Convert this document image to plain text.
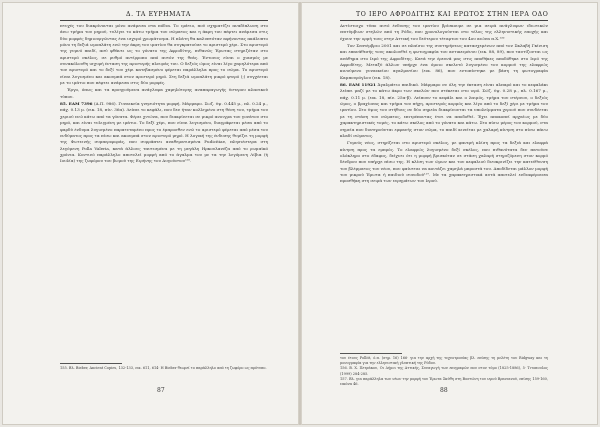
Δ. ΤΑ ΕΥΡΗΜΑΤΑ

πτυχές του διακρίνονται μόνο ανάμεσα στα πόδια. Το ιμάτιο, ποϋ σχηματίζει αναδίπλωση στο άνω τμήμα του μηρού, τυλίγει το κάτω τμήμα του σώματος και η άκρη του πέφτει ανάμεσα στις δύο μορφές δημιουργώντας ένα ισχυρό χρωμάτισμα. Η πλάτη θα καλυπτόταν αφήνοντας ακάλυπτο μόνο τη δεξιά ωμοπλάτη ενώ την άκρη του ιματίου θα συγκρατούσε το αριστερό χέρι. Στο αριστερό της γυμνό παιδί, ασύ φθάνει ως το γόνατο της Αφροδίτης, πιθανώς Έρωτας στηριζόταν στο αριστερό σκέλος, σε ρυθμό αντίρροπο από αυτόν της θεάς. Έντονος είναι ο χιασμός με συνακόλουθη ισχυρή ένταση της αριστερής πλευράς του. Ο δεξιός ώμος είναι λίγο χαμηλότερα από τον αριστερό και το δεξί του χέρι κατεβασμένο φέρεται παράλληλα προς το σώμα. Το αριστερό είναι λυγισμένο και ακουμπά στον αριστερό μηρό. Στη δεξιά ωμοπλάτη μικρό φτερό (;) συγχέεται με το ιμάτιο που πέφτει ανάμεσα στις δύο μορφές.

Έργο, όπως και τα προηγούμενα ανάγλυφα χαμηλότερης αναπαραγωγής ύστερου κλασικού τύπου.

85. ΕΑΜ 7396 (Α.Π. 986). Γυναικεία γνησιότητα μορφή. Μάρμαρο. Σωζ. ύψ. 0.445 μ., πλ. 0.24 μ., πάχ. 0.13 μ. (εικ. 18, πίν. 36α). Λείπει το κεφάλι, που δεν ήταν κολλημένο στη θέση του, τμήμα του χεριού ενώ κάτω από τα γόνατα. Φέρει χιτώνα, που διακρίνεται σε μικρό ανοιγμα του γονάτου στο μηρό, και είναι τυλιγμένη με ιμάτιο. Το δεξί χέρι, που είναι λυγισμένο, διαγράφεται μέσα από το φαρδύ ένδυμα λυγισμένο παρατεταμένο προς το έμπροσθεν ενώ το αριστερό φέρεται από μέσα του ενδύματος προς τα πίσω και ακουμπά στον αριστερό μηρό. Η λογική της ένδυσης θυμίζει τη μορφή της Φωτεινής συμπεριφοράς, που συρράπτει αναθεματισμένα Pudicitiae, πλησιέστερα στη λεγόμενη Polla Valeria, κατά άλλους ταυτισμένα με τη μεγάλη Ηρκουλανέζα από το ρωμαϊκό χρόνια. Κοντινό παράλληλο αποτελεί μορφή από το άγαλμα του με τα την λεγόμενη Λίβια (ή Ιουλία) της ζωφόρου του βωμού της Ειρήνης του Αυγούστου¹⁵⁵.

155. Βλ. Bieber, Ancient Copies, 132-133, εικ. 611, 614· Η Bieber θεωρεί το παράλληλο από τη ζωφόρο ως πρότυπο.

87
ΤΟ ΙΕΡΟ ΑΦΡΟΔΙΤΗΣ ΚΑΙ ΕΡΩΤΟΣ ΣΤΗΝ ΙΕΡΑ ΟΔΟ

Αντίστοιχο τύπο αυτό ένδυσης του ιματίου βρίσκουμε σε μια σειρά ανάγλυφων ιδιωτικών επιτύμβιων στηλών από τη Ρόδο, που χρονολογούνται στο τέλος της ελληνιστικής εποχής και έχουν την ορμή τους στην Αττική του δεύτερου τέταρτου του 4ου αιώνα π.Χ.¹⁵⁶

Τον Σεπτέμβριο 2001 και σε πλαίσιο της συντηρήσεως κατασχεμένων από τον Σκλαβή Γκίνιση και επανάθεσής τους ακολουθεί η φωτογραφία του αντικειμένου (εικ. 88, 89), που ταυτίζονται ως ανάθημα στο Ιερό της Αφροδίτης. Κατά την έρευνά μας στις αποθήκες αποδόθηκε στο Ιερό της Αφροδίτης. Μεταξύ άλλων υπήρχε ένα όμοιο σκελετό λυγισμένο του κορμού της ελαφρώς κινούμενο γυναικείου αγαλματίου (εικ. 86), που εντοπίστηκε με βάση τη φωτογραφία Καμπουρόγλου (εικ. 18).

86. ΕΑΜ 11921 Άγαλμάτιο παιδικό. Μάρμαρο σε όλη την έκταση είναι αλπαρό και το κεφαλάκι λείπει μαζί με το κάτω άκρο των σκελών που στέκεται στο ιερό. Σώζ. ύψ. 0.28 μ., πλ. 0.167 μ., πάχ. 0.11 μ. (εικ. 18, πίν. 25α-β). Λείπουν το κεφάλι και ο λαιμός, τμήμα του στέρνου, ο δεξιός ώμος, ο βραχίονας και τμήμα του πήχη, αριστερός κορμός και λίγο από το δεξί χέρι με τμήμα του ιματίου. Στο ύψος του στήθους σε δύο σημεία διακρίνονται τα υπολείμματα χεριού που συνδέεται με τη στάση του σώματος, επιτρέποντας έτσι να αποδοθεί. Έχει αποκοπεί αρχαίως με δύο χαρακτηριστικές τομές, το κάτω σκέλος από το γόνατο και κάτω. Στο πίσω μέρος του κορμού, στα σημεία που διατηρούνται εμφανής στον σώμα, το παιδί κινείται με χαλαρή κίνηση στο πίσω πάνω κλαδί σώματος.

Γυμνός νέος, στηρίζεται στο αριστερό σκέλος, με φανερή κλίση προς τα δεξιά και ελαφρά κίνηση προς τα εμπρός. Το ελαφρώς λυγισμένο δεξί σκέλος, που πιθανότατα δεν πατούσε ολόκληρο στο έδαφος, δείχνει ότι η μορφή βρισκόταν σε στάση χαλαρή στηριζόμενη στον κορμό δένδρου που υπήρχε πίσω της. Η κλίση των ώμων και του κεφαλιού διευκρινίζει την κατεύθυνση του βλέμματος του νέου, που φαίνεται να κοιτάζει χαμηλά μπροστά του. Αποδίδεται μάλλον μορφή του μικρού Έρωτα ή παιδιού συνοδού¹⁵⁷. Με τα χαρακτηριστικά αυτά αποτελεί ενδιαφέρουσα προσθήκη στη σειρά των ευρημάτων του Ιερού.

του έτους Pollitt, ό.π. (σημ. 16) 166· για την αρχή της τεχνοτροπίας βλ. επίσης τη μελέτη του Ridgway και τη μονογραφία για την ελληνιστική γλυπτική της Ρόδου.

156. Β. Χ. Πετράκου, Οι Δήμοι της Αττικής, Συναγωγή των επιγραφών που στον τόμο (1825-1886), 5· Τιτοπουλος (1999) 284-285.

157. Βλ. για παράλληλα των νέων την μορφή του Έρωτα Σκύθη στη Βοστώνη του ιερού Βρανιανού, επίσης 159-160, εικόνα 46.

88
